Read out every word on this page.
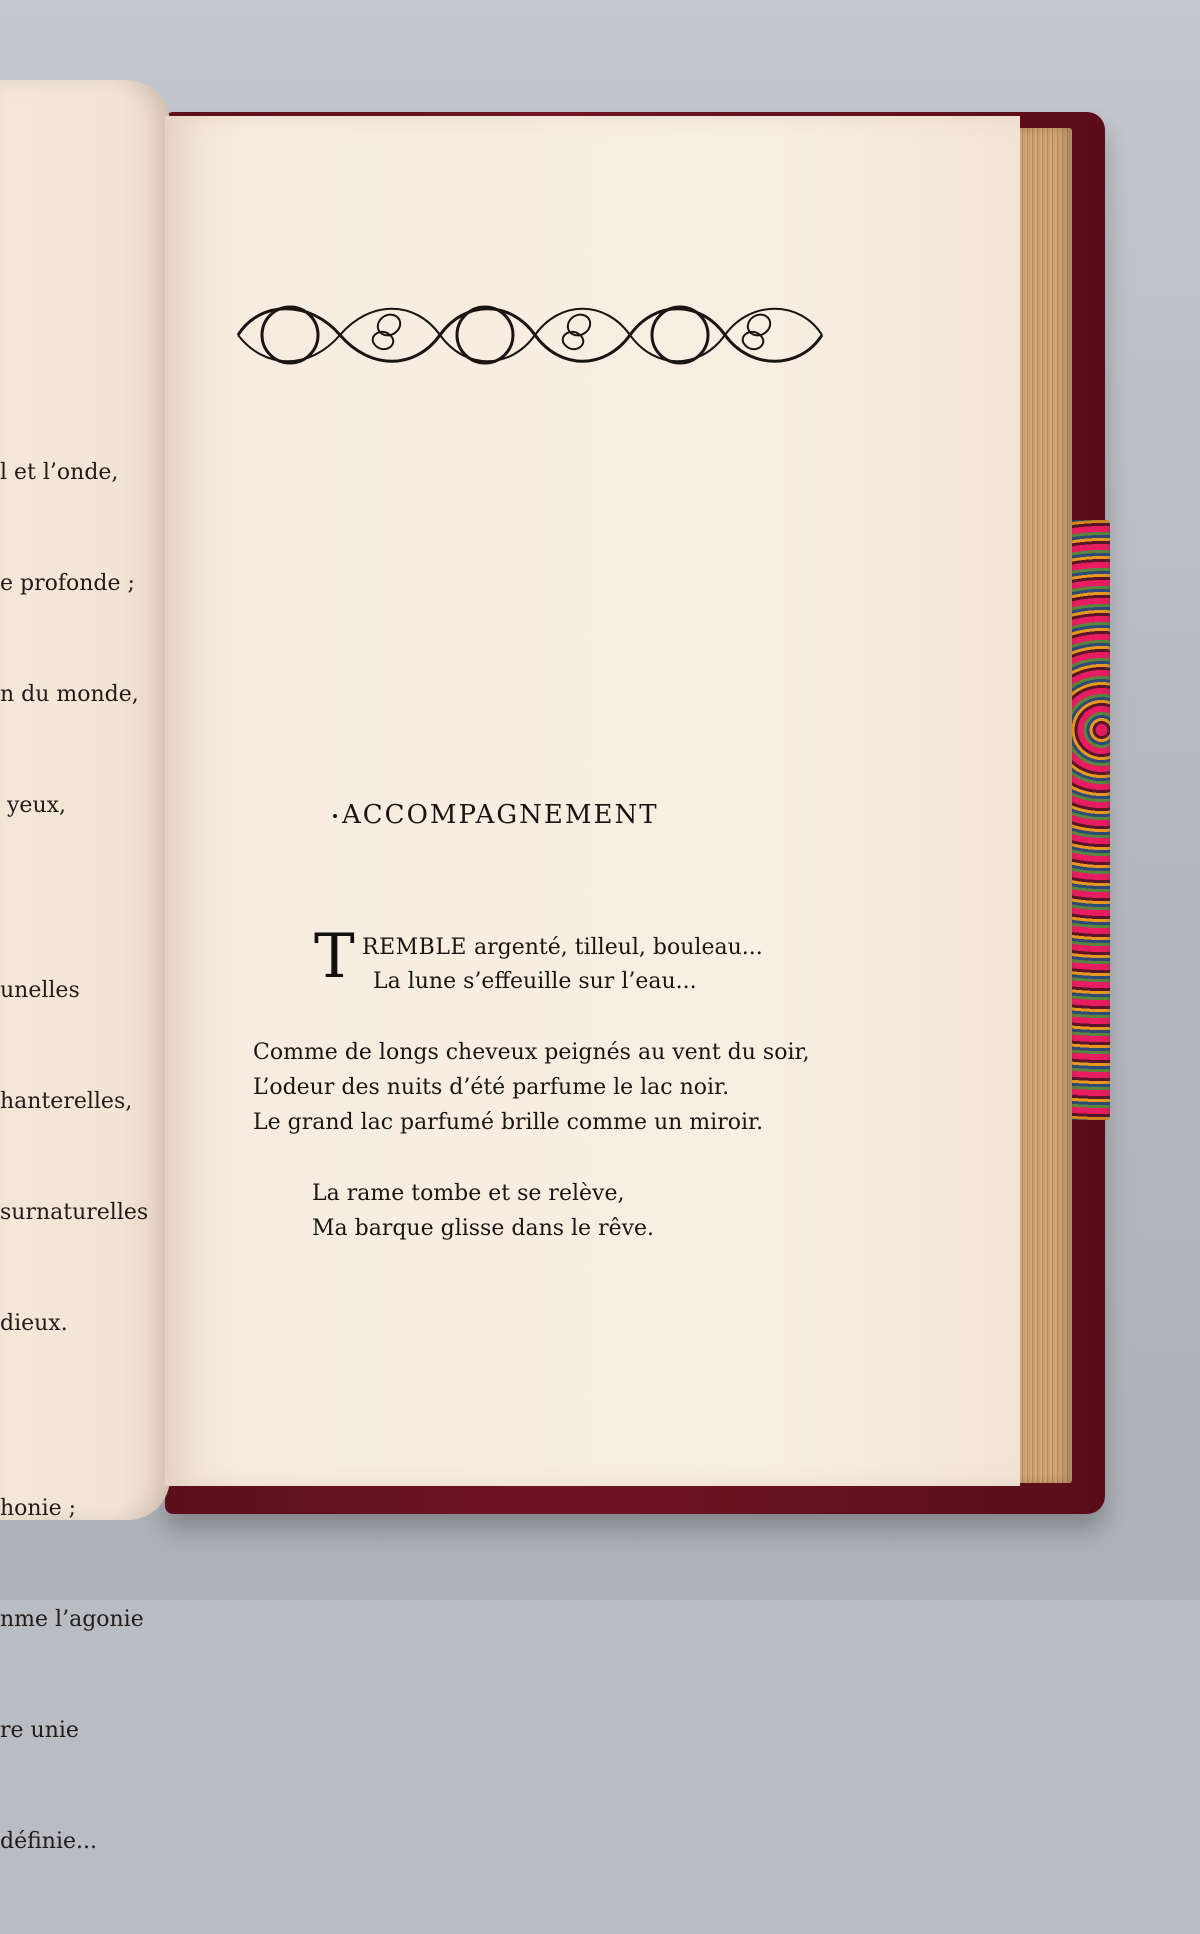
l et l’onde,

e profonde ;

n du monde,

yeux,

unelles

hanterelles,

surnaturelles

dieux.

honie ;

nme l’agonie

re unie

définie...

ACCOMPAGNEMENT
T REMBLE argenté, tilleul, bouleau...
La lune s’effeuille sur l’eau...
Comme de longs cheveux peignés au vent du soir,
L’odeur des nuits d’été parfume le lac noir.
Le grand lac parfumé brille comme un miroir.
La rame tombe et se relève,
Ma barque glisse dans le rêve.
